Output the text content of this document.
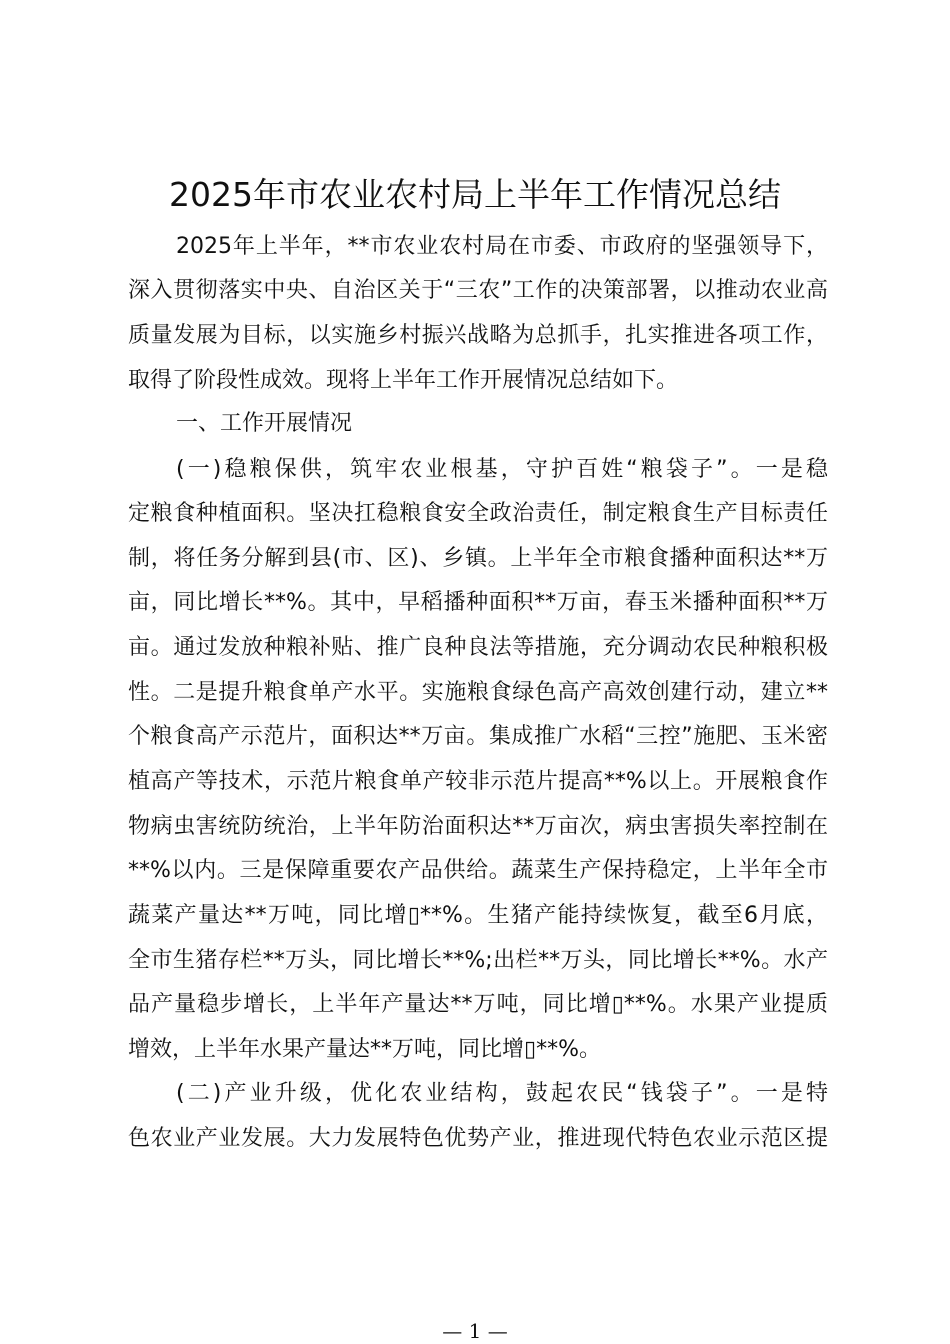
2025年市农业农村局上半年工作情况总结
2025年上半年，**市农业农村局在市委、市政府的坚强领导下，
深入贯彻落实中央、自治区关于“三农”工作的决策部署，以推动农业高
质量发展为目标，以实施乡村振兴战略为总抓手，扎实推进各项工作，
取得了阶段性成效。现将上半年工作开展情况总结如下。
一、工作开展情况
(一)稳粮保供，筑牢农业根基，守护百姓“粮袋子”。一是稳
定粮食种植面积。坚决扛稳粮食安全政治责任，制定粮食生产目标责任
制，将任务分解到县(市、区)、乡镇。上半年全市粮食播种面积达**万
亩，同比增长**%。其中，早稻播种面积**万亩，春玉米播种面积**万
亩。通过发放种粮补贴、推广良种良法等措施，充分调动农民种粮积极
性。二是提升粮食单产水平。实施粮食绿色高产高效创建行动，建立**
个粮食高产示范片，面积达**万亩。集成推广水稻“三控”施肥、玉米密
植高产等技术，示范片粮食单产较非示范片提高**%以上。开展粮食作
物病虫害统防统治，上半年防治面积达**万亩次，病虫害损失率控制在
**%以内。三是保障重要农产品供给。蔬菜生产保持稳定，上半年全市
蔬菜产量达**万吨，同比增▯**%。生猪产能持续恢复，截至6月底，
全市生猪存栏**万头，同比增长**%;出栏**万头，同比增长**%。水产
品产量稳步增长，上半年产量达**万吨，同比增▯**%。水果产业提质
增效，上半年水果产量达**万吨，同比增▯**%。
(二)产业升级，优化农业结构，鼓起农民“钱袋子”。一是特
色农业产业发展。大力发展特色优势产业，推进现代特色农业示范区提
— 1 —
